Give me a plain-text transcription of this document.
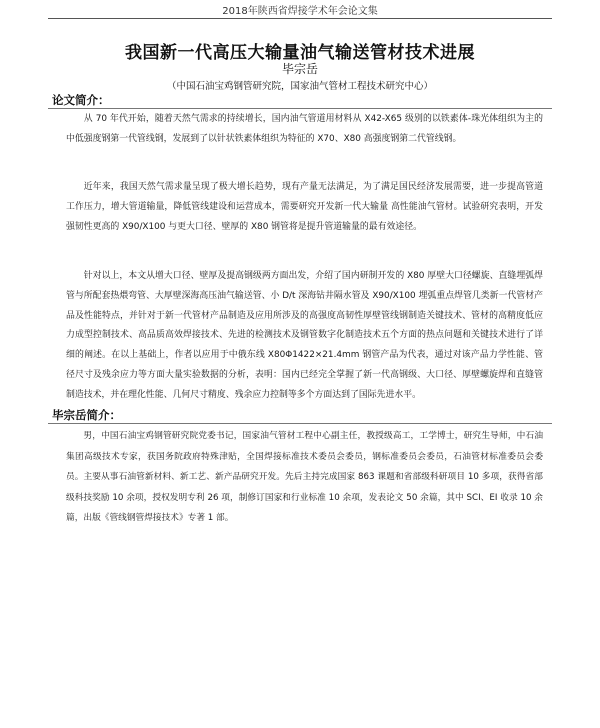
2018年陕西省焊接学术年会论文集
我国新一代高压大输量油气输送管材技术进展
毕宗岳
（中国石油宝鸡钢管研究院，国家油气管材工程技术研究中心）
论文简介：
从 70 年代开始，随着天然气需求的持续增长，国内油气管道用材料从 X42-X65 级别的以铁素体-珠光体组织为主的中低强度钢第一代管线钢，发展到了以针状铁素体组织为特征的 X70、X80 高强度钢第二代管线钢。
近年来，我国天然气需求量呈现了极大增长趋势，现有产量无法满足，为了满足国民经济发展需要，进一步提高管道工作压力，增大管道输量，降低管线建设和运营成本，需要研究开发新一代大输量 高性能油气管材。试验研究表明，开发强韧性更高的 X90/X100 与更大口径、壁厚的 X80 钢管将是提升管道输量的最有效途径。
针对以上，本文从增大口径、壁厚及提高钢级两方面出发，介绍了国内研制开发的 X80 厚壁大口径螺旋、直缝埋弧焊管与所配套热煨弯管、大厚壁深海高压油气输送管、小 D/t 深海钻井隔水管及 X90/X100 埋弧重点焊管几类新一代管材产品及性能特点，并针对于新一代管材产品制造及应用所涉及的高强度高韧性厚壁管线钢制造关键技术、管材的高精度低应力成型控制技术、高品质高效焊接技术、先进的检测技术及钢管数字化制造技术五个方面的热点问题和关键技术进行了详细的阐述。在以上基础上，作者以应用于中俄东线 X80Φ1422×21.4mm 钢管产品为代表，通过对该产品力学性能、管径尺寸及残余应力等方面大量实验数据的分析，表明：国内已经完全掌握了新一代高钢级、大口径、厚壁螺旋焊和直缝管制造技术，并在理化性能、几何尺寸精度、残余应力控制等多个方面达到了国际先进水平。
毕宗岳简介：
男，中国石油宝鸡钢管研究院党委书记，国家油气管材工程中心副主任，教授级高工，工学博士，研究生导师，中石油集团高级技术专家，获国务院政府特殊津贴，全国焊接标准技术委员会委员，钢标准委员会委员，石油管材标准委员会委员。主要从事石油管新材料、新工艺、新产品研究开发。先后主持完成国家 863 课题和省部级科研项目 10 多项，获得省部级科技奖励 10 余项，授权发明专利 26 项，制修订国家和行业标准 10 余项，发表论文 50 余篇，其中 SCI、EI 收录 10 余篇，出版《管线钢管焊接技术》专著 1 部。
